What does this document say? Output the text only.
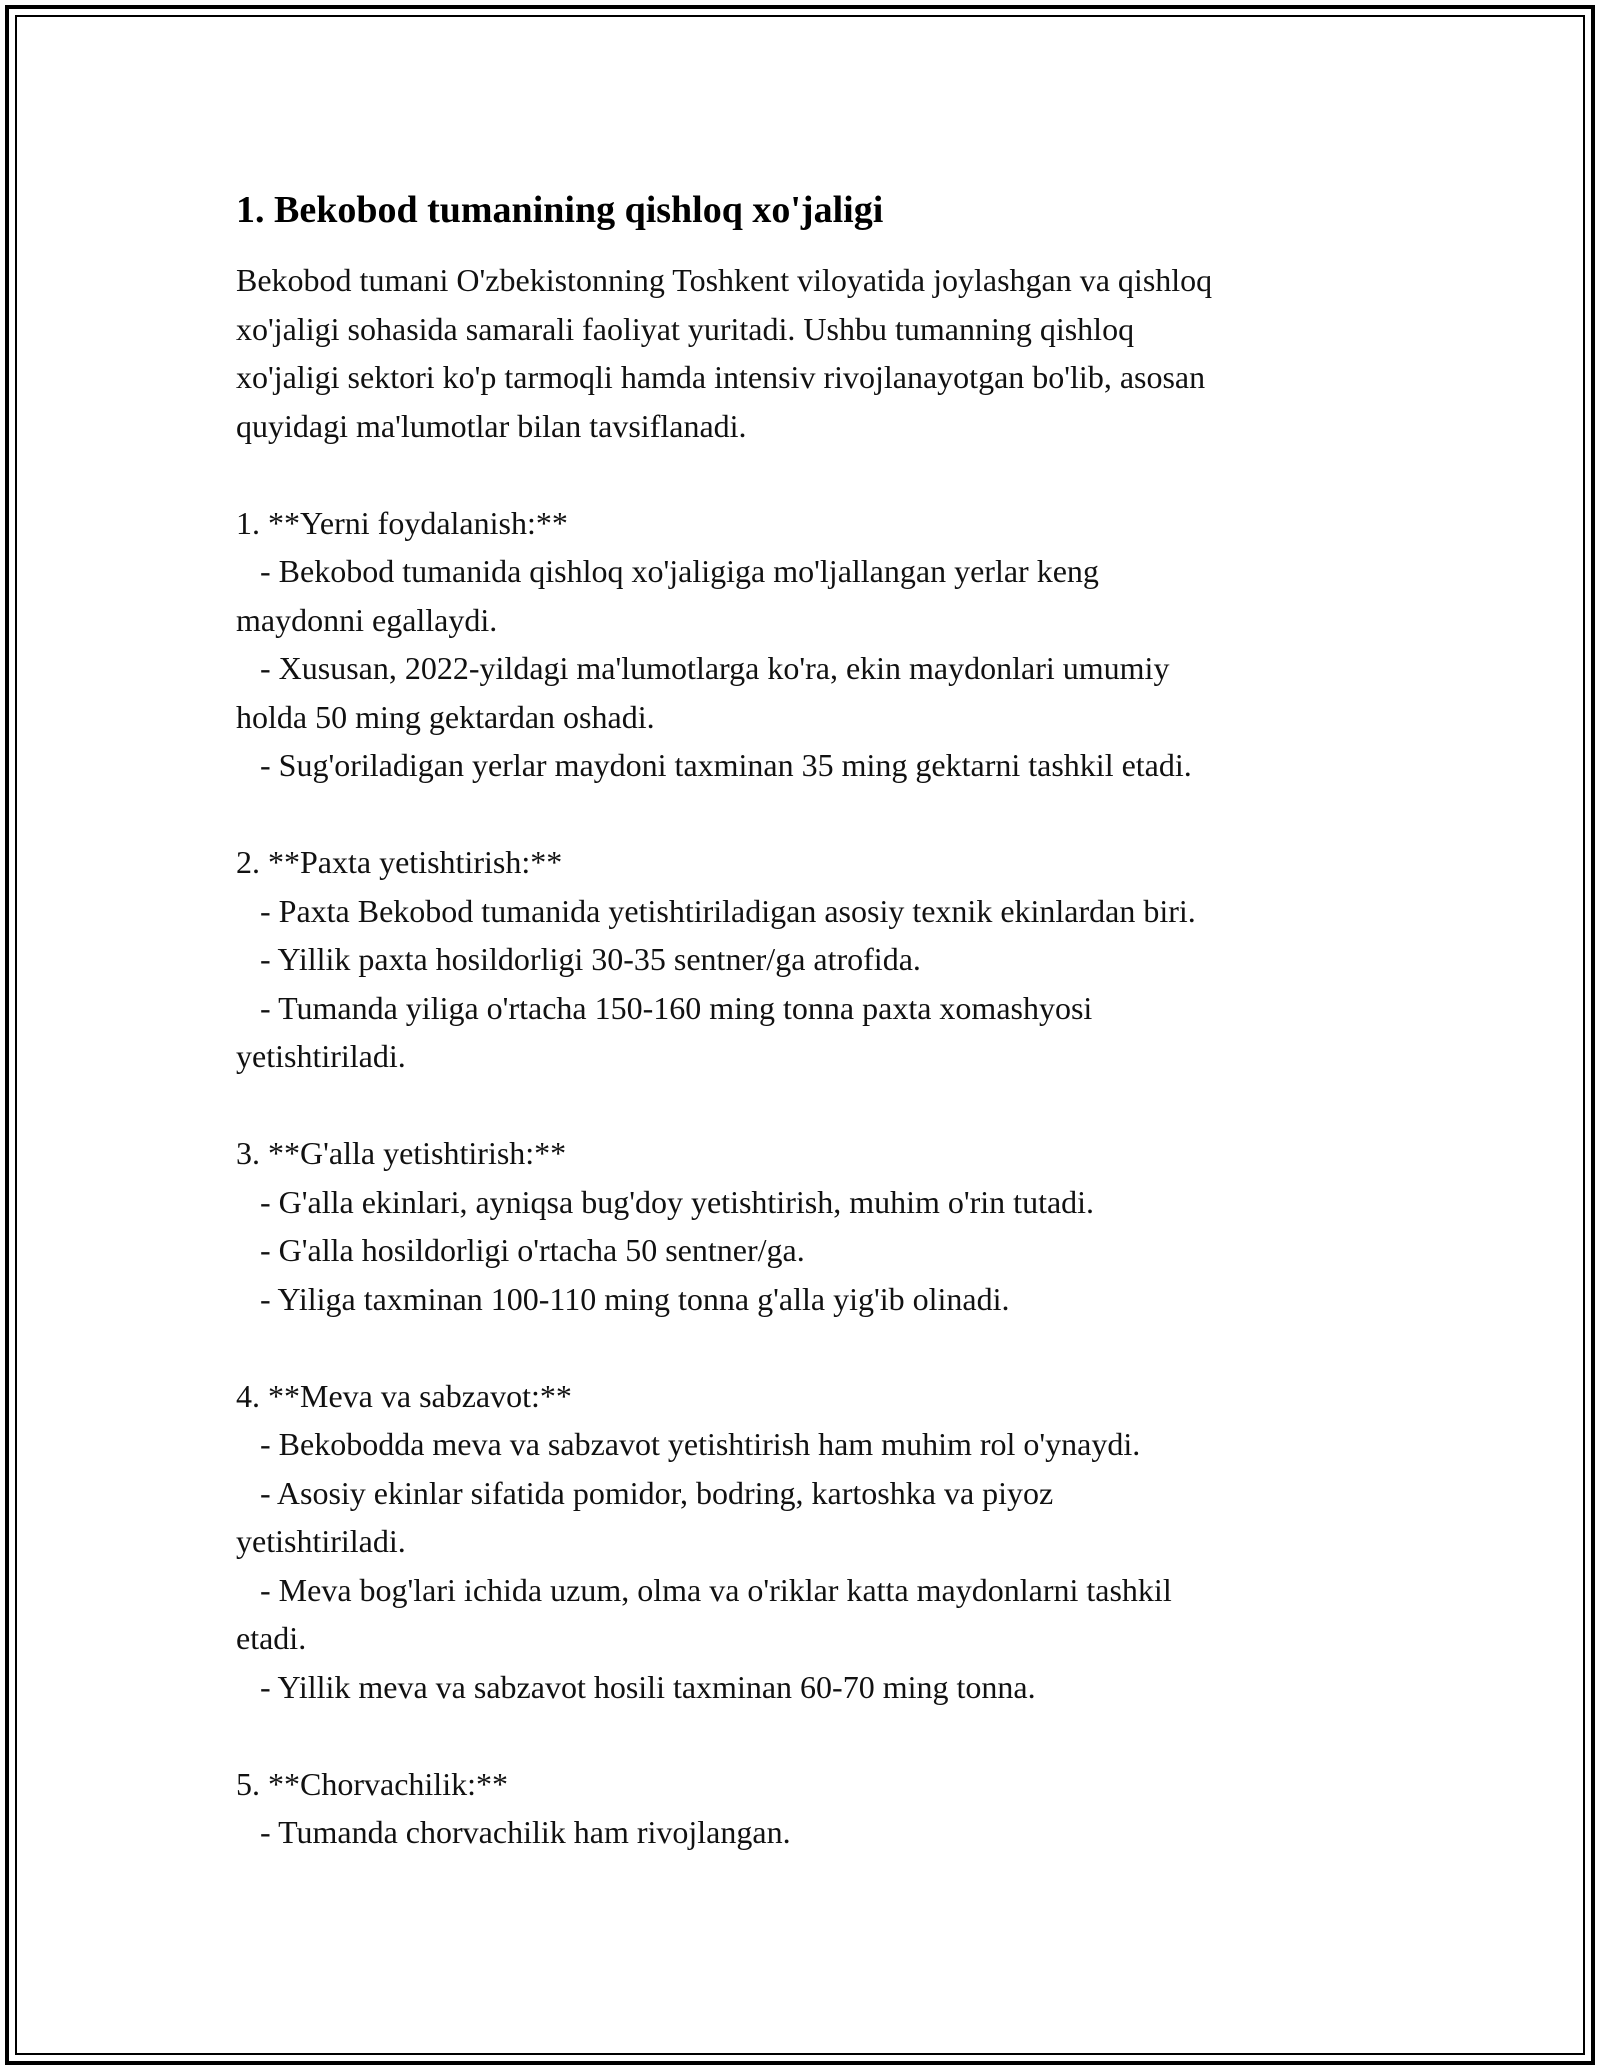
1. Bekobod tumanining qishloq xo'jaligi

Bekobod tumani O'zbekistonning Toshkent viloyatida joylashgan va qishloq
xo'jaligi sohasida samarali faoliyat yuritadi. Ushbu tumanning qishloq
xo'jaligi sektori ko'p tarmoqli hamda intensiv rivojlanayotgan bo'lib, asosan
quyidagi ma'lumotlar bilan tavsiflanadi.

1. **Yerni foydalanish:**

- Bekobod tumanida qishloq xo'jaligiga mo'ljallangan yerlar keng

maydonni egallaydi.

- Xususan, 2022-yildagi ma'lumotlarga ko'ra, ekin maydonlari umumiy

holda 50 ming gektardan oshadi.

- Sug'oriladigan yerlar maydoni taxminan 35 ming gektarni tashkil etadi.

2. **Paxta yetishtirish:**

- Paxta Bekobod tumanida yetishtiriladigan asosiy texnik ekinlardan biri.

- Yillik paxta hosildorligi 30-35 sentner/ga atrofida.

- Tumanda yiliga o'rtacha 150-160 ming tonna paxta xomashyosi

yetishtiriladi.

3. **G'alla yetishtirish:**

- G'alla ekinlari, ayniqsa bug'doy yetishtirish, muhim o'rin tutadi.

- G'alla hosildorligi o'rtacha 50 sentner/ga.

- Yiliga taxminan 100-110 ming tonna g'alla yig'ib olinadi.

4. **Meva va sabzavot:**

- Bekobodda meva va sabzavot yetishtirish ham muhim rol o'ynaydi.

- Asosiy ekinlar sifatida pomidor, bodring, kartoshka va piyoz

yetishtiriladi.

- Meva bog'lari ichida uzum, olma va o'riklar katta maydonlarni tashkil

etadi.

- Yillik meva va sabzavot hosili taxminan 60-70 ming tonna.

5. **Chorvachilik:**

- Tumanda chorvachilik ham rivojlangan.
